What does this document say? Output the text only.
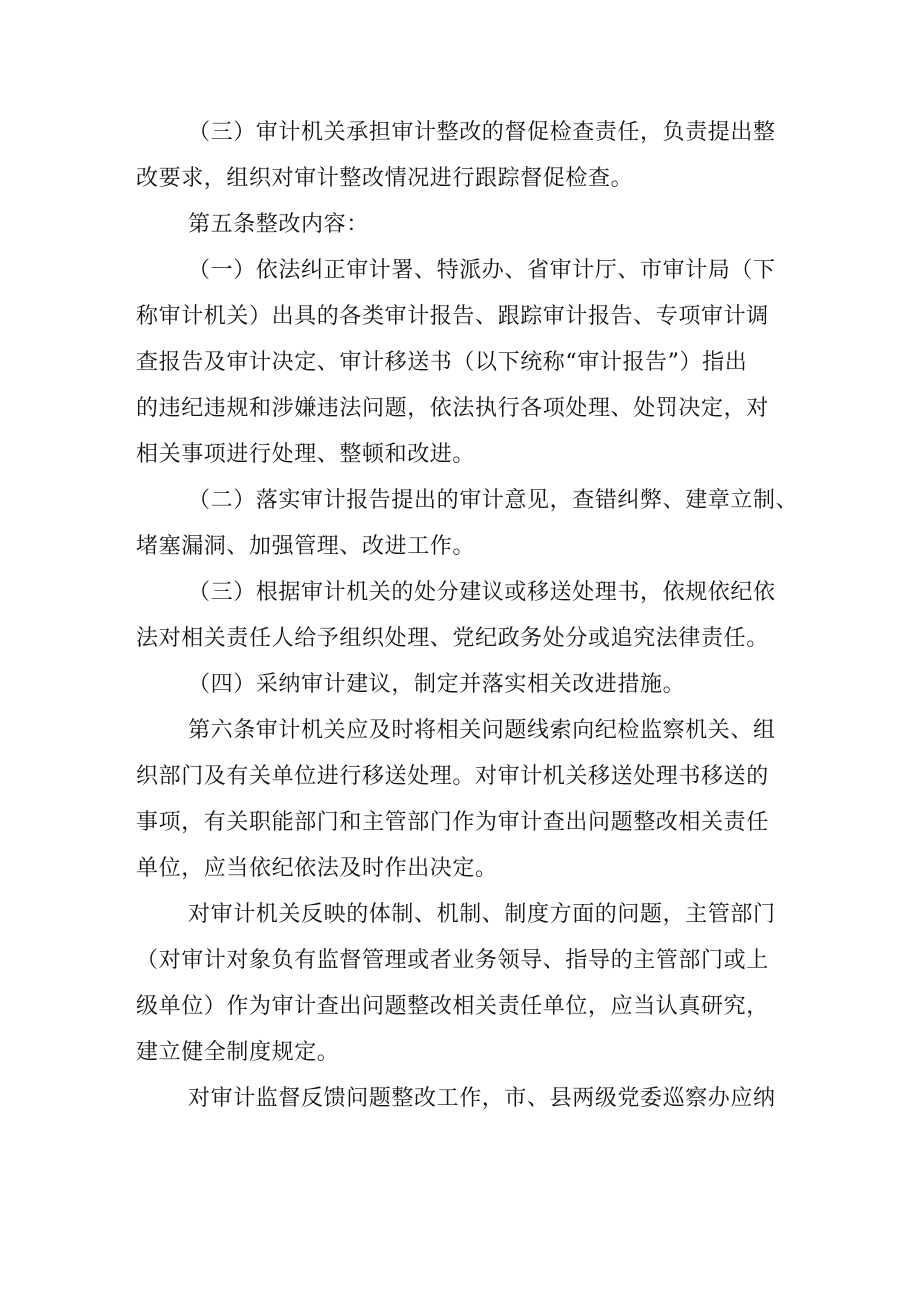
（三）审计机关承担审计整改的督促检查责任，负责提出整
改要求，组织对审计整改情况进行跟踪督促检查。
第五条整改内容：
（一）依法纠正审计署、特派办、省审计厅、市审计局（下
称审计机关）出具的各类审计报告、跟踪审计报告、专项审计调
查报告及审计决定、审计移送书（以下统称“审计报告”）指出
的违纪违规和涉嫌违法问题，依法执行各项处理、处罚决定，对
相关事项进行处理、整顿和改进。
（二）落实审计报告提出的审计意见，查错纠弊、建章立制、
堵塞漏洞、加强管理、改进工作。
（三）根据审计机关的处分建议或移送处理书，依规依纪依
法对相关责任人给予组织处理、党纪政务处分或追究法律责任。
（四）采纳审计建议，制定并落实相关改进措施。
第六条审计机关应及时将相关问题线索向纪检监察机关、组
织部门及有关单位进行移送处理。对审计机关移送处理书移送的
事项，有关职能部门和主管部门作为审计查出问题整改相关责任
单位，应当依纪依法及时作出决定。
对审计机关反映的体制、机制、制度方面的问题，主管部门
（对审计对象负有监督管理或者业务领导、指导的主管部门或上
级单位）作为审计查出问题整改相关责任单位，应当认真研究，
建立健全制度规定。
对审计监督反馈问题整改工作，市、县两级党委巡察办应纳
